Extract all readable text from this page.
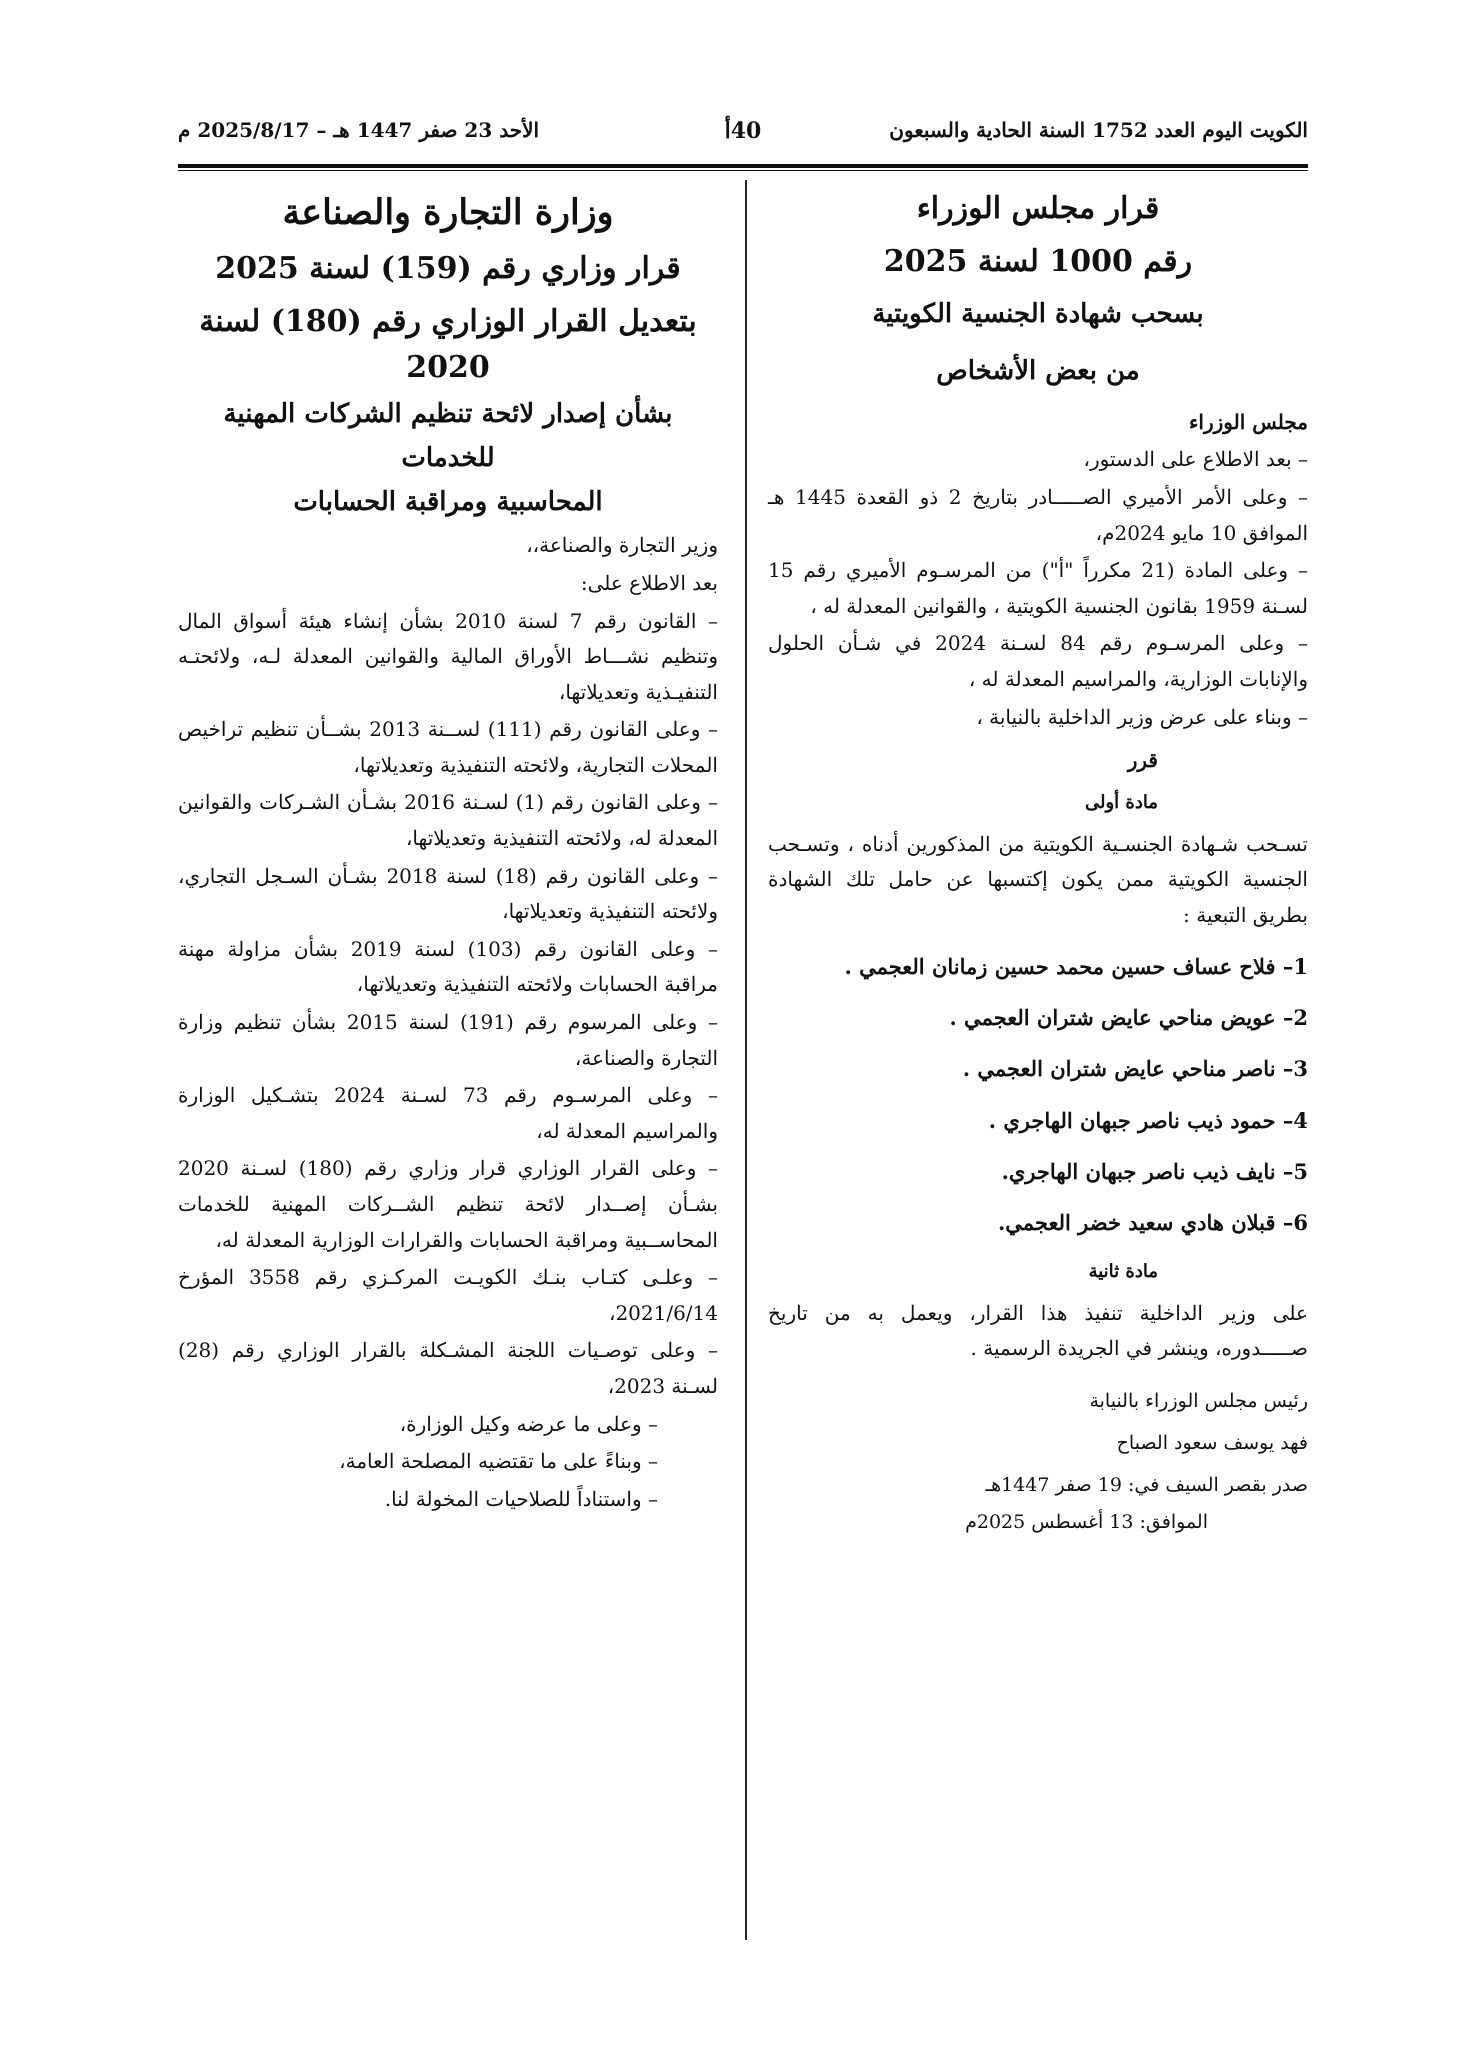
الكويت اليوم العدد 1752 السنة الحادية والسبعون
40أ
الأحد 23 صفر 1447 هـ – 2025/8/17 م
قرار مجلس الوزراء
رقم 1000 لسنة 2025
بسحب شهادة الجنسية الكويتية
من بعض الأشخاص
مجلس الوزراء
– بعد الاطلاع على الدستور،
– وعلى الأمر الأميري الصـــــادر بتاريخ 2 ذو القعدة 1445 هـ الموافق 10 مايو 2024م،
– وعلى المادة (21 مكرراً "أ") من المرسـوم الأميري رقم 15 لسـنة 1959 بقانون الجنسية الكويتية ، والقوانين المعدلة له ،
– وعلى المرسـوم رقم 84 لسـنة 2024 في شـأن الحلول والإنابات الوزارية، والمراسيم المعدلة له ،
– وبناء على عرض وزير الداخلية بالنيابة ،
قرر
مادة أولى
تسـحب شـهادة الجنسـية الكويتية من المذكورين أدناه ، وتسـحب الجنسية الكويتية ممن يكون إكتسبها عن حامل تلك الشهادة بطريق التبعية :
1– فلاح عساف حسين محمد حسين زمانان العجمي .
2– عويض مناحي عايض شتران العجمي .
3– ناصر مناحي عايض شتران العجمي .
4– حمود ذيب ناصر جبهان الهاجري .
5– نايف ذيب ناصر جبهان الهاجري.
6– قبلان هادي سعيد خضر العجمي.
مادة ثانية
على وزير الداخلية تنفيذ هذا القرار، ويعمل به من تاريخ صـــــدوره، وينشر في الجريدة الرسمية .
رئيس مجلس الوزراء بالنيابة
فهد يوسف سعود الصباح
صدر بقصر السيف في: 19 صفر 1447هـ
الموافق: 13 أغسطس 2025م
وزارة التجارة والصناعة
قرار وزاري رقم (159) لسنة 2025
بتعديل القرار الوزاري رقم (180) لسنة 2020
بشأن إصدار لائحة تنظيم الشركات المهنية للخدمات
المحاسبية ومراقبة الحسابات
وزير التجارة والصناعة،،
بعد الاطلاع على:
– القانون رقم 7 لسنة 2010 بشأن إنشاء هيئة أسواق المال وتنظيم نشـــاط الأوراق المالية والقوانين المعدلة لـه، ولائحتـه التنفيـذية وتعديلاتها،
– وعلى القانون رقم (111) لســنة 2013 بشــأن تنظيم تراخيص المحلات التجارية، ولائحته التنفيذية وتعديلاتها،
– وعلى القانون رقم (1) لسـنة 2016 بشـأن الشـركات والقوانين المعدلة له، ولائحته التنفيذية وتعديلاتها،
– وعلى القانون رقم (18) لسنة 2018 بشـأن السـجل التجاري، ولائحته التنفيذية وتعديلاتها،
– وعلى القانون رقم (103) لسنة 2019 بشأن مزاولة مهنة مراقبة الحسابات ولائحته التنفيذية وتعديلاتها،
– وعلى المرسوم رقم (191) لسنة 2015 بشأن تنظيم وزارة التجارة والصناعة،
– وعلى المرسـوم رقم 73 لسـنة 2024 بتشـكيل الوزارة والمراسيم المعدلة له،
– وعلى القرار الوزاري قرار وزاري رقم (180) لسـنة 2020 بشـأن إصــدار لائحة تنظيم الشــركات المهنية للخدمات المحاســبية ومراقبة الحسابات والقرارات الوزارية المعدلة له،
– وعلـى كتـاب بنـك الكويـت المركـزي رقم 3558 المؤرخ 2021/6/14،
– وعلى توصـيات اللجنة المشـكلة بالقرار الوزاري رقم (28) لسـنة 2023،
– وعلى ما عرضه وكيل الوزارة،
– وبناءً على ما تقتضيه المصلحة العامة،
– واستناداً للصلاحيات المخولة لنا.
